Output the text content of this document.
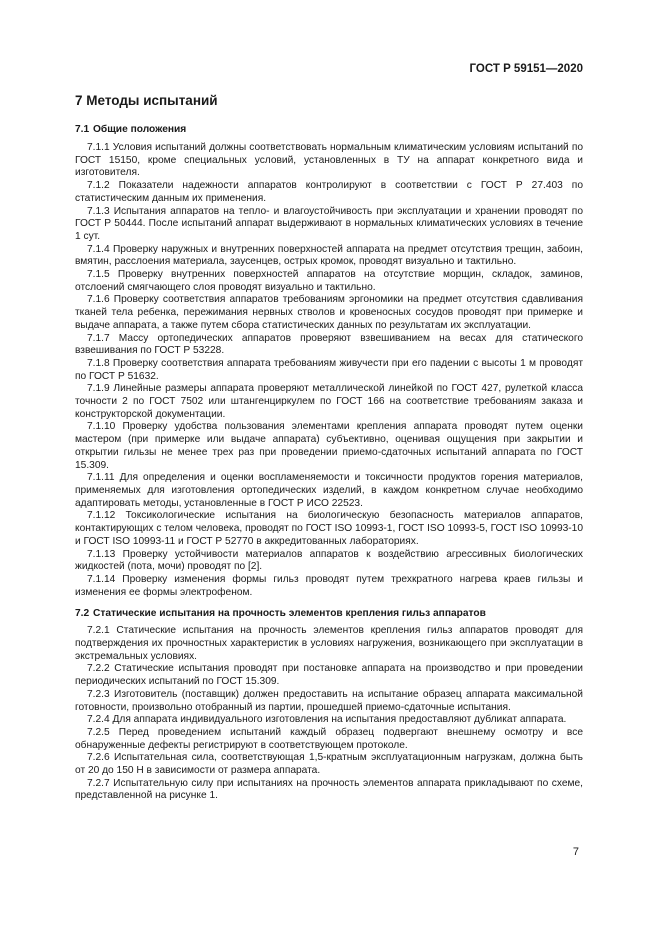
ГОСТ Р 59151—2020
7 Методы испытаний
7.1 Общие положения

7.1.1 Условия испытаний должны соответствовать нормальным климатическим условиям испытаний по ГОСТ 15150, кроме специальных условий, установленных в ТУ на аппарат конкретного вида и изготовителя.

7.1.2 Показатели надежности аппаратов контролируют в соответствии с ГОСТ Р 27.403 по статистическим данным их применения.

7.1.3 Испытания аппаратов на тепло- и влагоустойчивость при эксплуатации и хранении проводят по ГОСТ Р 50444. После испытаний аппарат выдерживают в нормальных климатических условиях в течение 1 сут.

7.1.4 Проверку наружных и внутренних поверхностей аппарата на предмет отсутствия трещин, забоин, вмятин, расслоения материала, заусенцев, острых кромок, проводят визуально и тактильно.

7.1.5 Проверку внутренних поверхностей аппаратов на отсутствие морщин, складок, заминов, отслоений смягчающего слоя проводят визуально и тактильно.

7.1.6 Проверку соответствия аппаратов требованиям эргономики на предмет отсутствия сдавливания тканей тела ребенка, пережимания нервных стволов и кровеносных сосудов проводят при примерке и выдаче аппарата, а также путем сбора статистических данных по результатам их эксплуатации.

7.1.7 Массу ортопедических аппаратов проверяют взвешиванием на весах для статического взвешивания по ГОСТ Р 53228.

7.1.8 Проверку соответствия аппарата требованиям живучести при его падении с высоты 1 м проводят по ГОСТ Р 51632.

7.1.9 Линейные размеры аппарата проверяют металлической линейкой по ГОСТ 427, рулеткой класса точности 2 по ГОСТ 7502 или штангенциркулем по ГОСТ 166 на соответствие требованиям заказа и конструкторской документации.

7.1.10 Проверку удобства пользования элементами крепления аппарата проводят путем оценки мастером (при примерке или выдаче аппарата) субъективно, оценивая ощущения при закрытии и открытии гильзы не менее трех раз при проведении приемо-сдаточных испытаний аппарата по ГОСТ 15.309.

7.1.11 Для определения и оценки воспламеняемости и токсичности продуктов горения материалов, применяемых для изготовления ортопедических изделий, в каждом конкретном случае необходимо адаптировать методы, установленные в ГОСТ Р ИСО 22523.

7.1.12 Токсикологические испытания на биологическую безопасность материалов аппаратов, контактирующих с телом человека, проводят по ГОСТ ISO 10993-1, ГОСТ ISO 10993-5, ГОСТ ISO 10993-10 и ГОСТ ISO 10993-11 и ГОСТ Р 52770 в аккредитованных лабораториях.

7.1.13 Проверку устойчивости материалов аппаратов к воздействию агрессивных биологических жидкостей (пота, мочи) проводят по [2].

7.1.14 Проверку изменения формы гильз проводят путем трехкратного нагрева краев гильзы и изменения ее формы электрофеном.

7.2 Статические испытания на прочность элементов крепления гильз аппаратов

7.2.1 Статические испытания на прочность элементов крепления гильз аппаратов проводят для подтверждения их прочностных характеристик в условиях нагружения, возникающего при эксплуатации в экстремальных условиях.

7.2.2 Статические испытания проводят при постановке аппарата на производство и при проведении периодических испытаний по ГОСТ 15.309.

7.2.3 Изготовитель (поставщик) должен предоставить на испытание образец аппарата максимальной готовности, произвольно отобранный из партии, прошедшей приемо-сдаточные испытания.

7.2.4 Для аппарата индивидуального изготовления на испытания предоставляют дубликат аппарата.

7.2.5 Перед проведением испытаний каждый образец подвергают внешнему осмотру и все обнаруженные дефекты регистрируют в соответствующем протоколе.

7.2.6 Испытательная сила, соответствующая 1,5-кратным эксплуатационным нагрузкам, должна быть от 20 до 150 Н в зависимости от размера аппарата.

7.2.7 Испытательную силу при испытаниях на прочность элементов аппарата прикладывают по схеме, представленной на рисунке 1.

7
